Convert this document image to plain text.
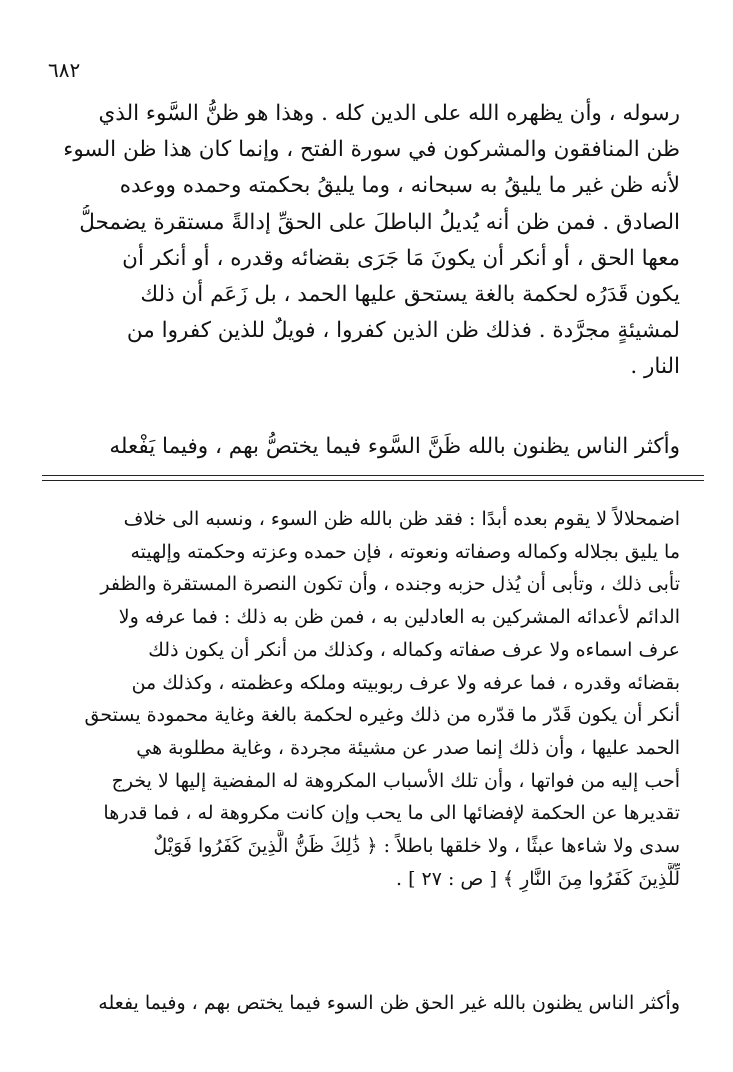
٦٨٢
رسوله ، وأن يظهره الله على الدين كله . وهذا هو ظنُّ السَّوء الذي
ظن المنافقون والمشركون في سورة الفتح ، وإنما كان هذا ظن السوء
لأنه ظن غير ما يليقُ به سبحانه ، وما يليقُ بحكمته وحمده ووعده
الصادق . فمن ظن أنه يُديلُ الباطلَ على الحقِّ إدالةً مستقرة يضمحلُّ
معها الحق ، أو أنكر أن يكونَ مَا جَرَى بقضائه وقدره ، أو أنكر أن
يكون قَدَرُه لحكمة بالغة يستحق عليها الحمد ، بل زَعَم أن ذلك
لمشيئةٍ مجرَّدة . فذلك ظن الذين كفروا ، فويلٌ للذين كفروا من
النار .
وأكثر الناس يظنون بالله ظَنَّ السَّوء فيما يختصُّ بهم ، وفيما يَفْعله
اضمحلالاً لا يقوم بعده أبدًا : فقد ظن بالله ظن السوء ، ونسبه الى خلاف
ما يليق بجلاله وكماله وصفاته ونعوته ، فإن حمده وعزته وحكمته وإلهيته
تأبى ذلك ، وتأبى أن يُذل حزبه وجنده ، وأن تكون النصرة المستقرة والظفر
الدائم لأعدائه المشركين به العادلين به ، فمن ظن به ذلك : فما عرفه ولا
عرف اسماءه ولا عرف صفاته وكماله ، وكذلك من أنكر أن يكون ذلك
بقضائه وقدره ، فما عرفه ولا عرف ربوبيته وملكه وعظمته ، وكذلك من
أنكر أن يكون قَدّر ما قدّره من ذلك وغيره لحكمة بالغة وغاية محمودة يستحق
الحمد عليها ، وأن ذلك إنما صدر عن مشيئة مجردة ، وغاية مطلوبة هي
أحب إليه من فواتها ، وأن تلك الأسباب المكروهة له المفضية إليها لا يخرج
تقديرها عن الحكمة لإفضائها الى ما يحب وإن كانت مكروهة له ، فما قدرها
سدى ولا شاءها عبثًا ، ولا خلقها باطلاً : ﴿ ذَٰلِكَ ظَنُّ الَّذِينَ كَفَرُوا فَوَيْلٌ
لِّلَّذِينَ كَفَرُوا مِنَ النَّارِ ﴾ [ ص : ٢٧ ] .
وأكثر الناس يظنون بالله غير الحق ظن السوء فيما يختص بهم ، وفيما يفعله
